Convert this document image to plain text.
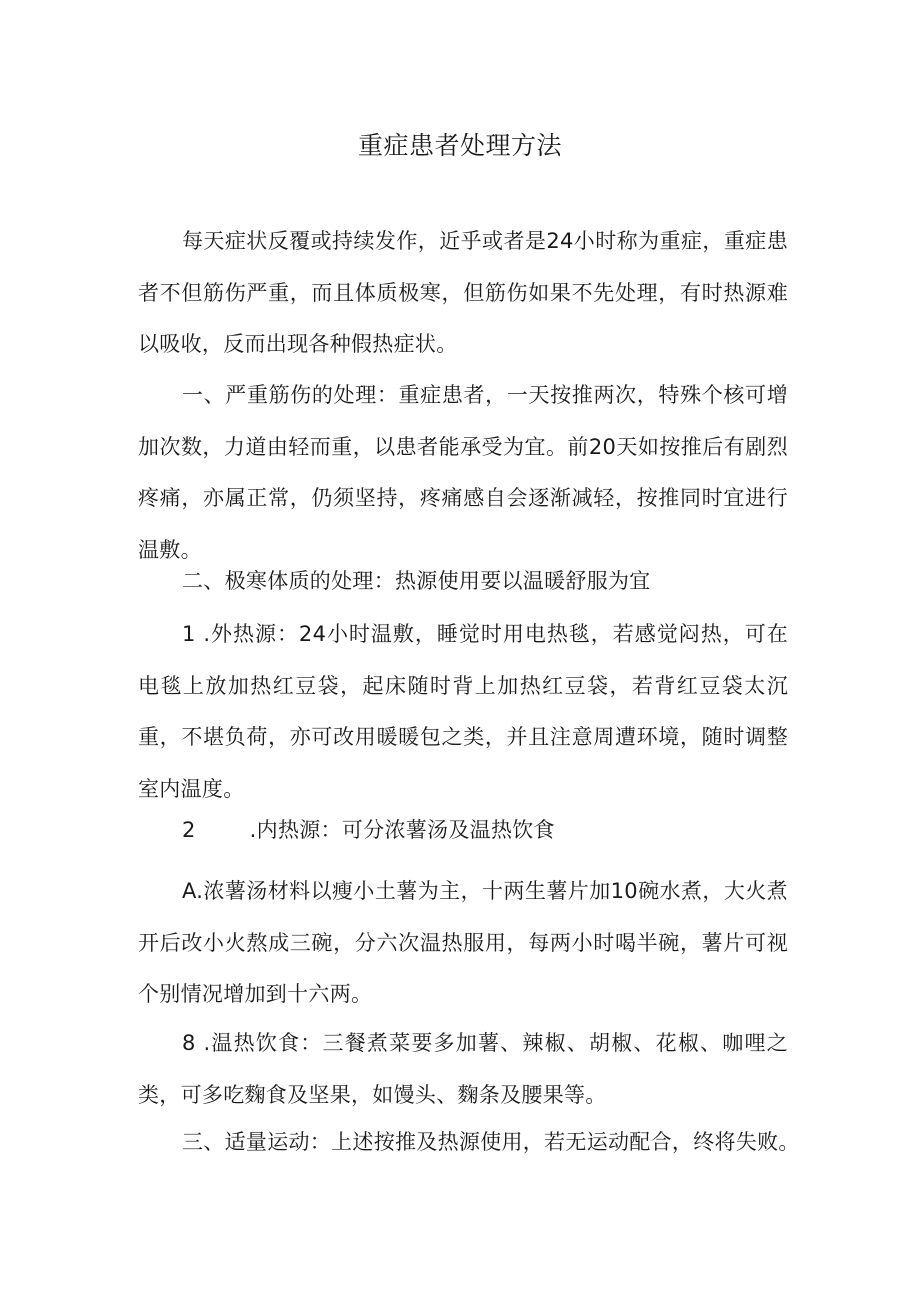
重症患者处理方法

每天症状反覆或持续发作，近乎或者是24小时称为重症，重症患者不但筋伤严重，而且体质极寒，但筋伤如果不先处理，有时热源难以吸收，反而出现各种假热症状。

一、严重筋伤的处理：重症患者，一天按推两次，特殊个核可增加次数，力道由轻而重，以患者能承受为宜。前20天如按推后有剧烈疼痛，亦属正常，仍须坚持，疼痛感自会逐渐减轻，按推同时宜进行温敷。

二、极寒体质的处理：热源使用要以温暖舒服为宜

1 .外热源：24小时温敷，睡觉时用电热毯，若感觉闷热，可在电毯上放加热红豆袋，起床随时背上加热红豆袋，若背红豆袋太沉重，不堪负荷，亦可改用暖暖包之类，并且注意周遭环境，随时调整室内温度。

2	.内热源：可分浓薯汤及温热饮食

A.浓薯汤材料以瘦小土薯为主，十两生薯片加10碗水煮，大火煮开后改小火熬成三碗，分六次温热服用，每两小时喝半碗，薯片可视个别情况增加到十六两。

8 .温热饮食：三餐煮菜要多加薯、辣椒、胡椒、花椒、咖哩之类，可多吃麴食及坚果，如馒头、麴条及腰果等。

三、适量运动：上述按推及热源使用，若无运动配合，终将失败。
